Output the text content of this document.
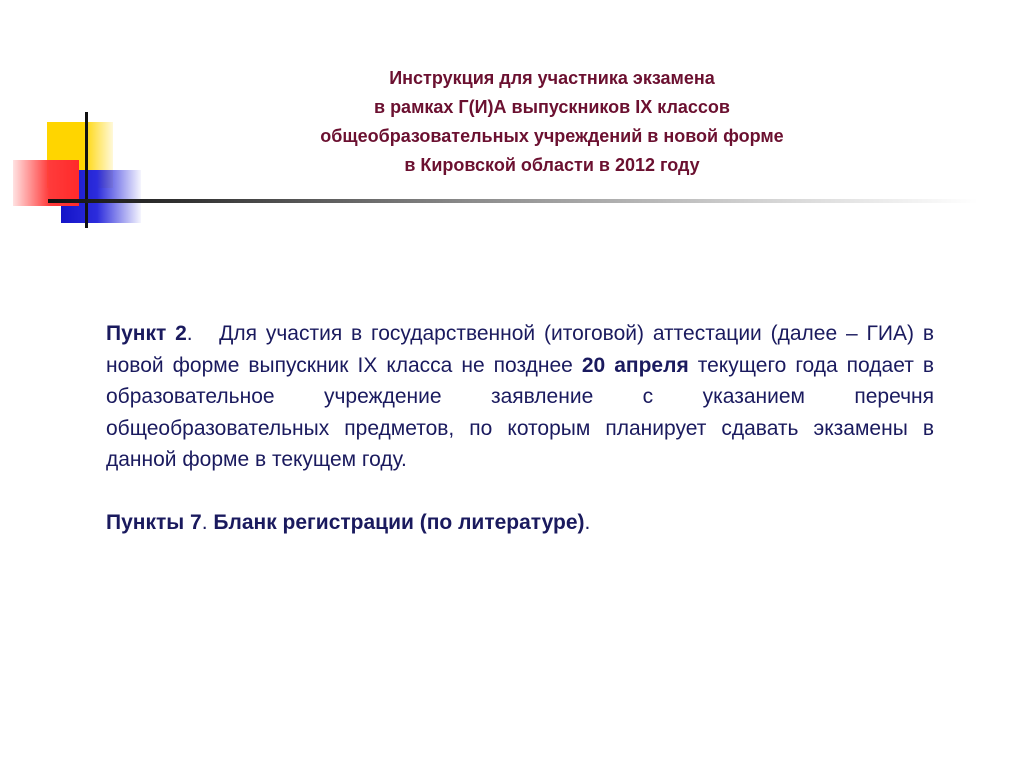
Инструкция для участника экзамена
в рамках Г(И)А выпускников IX классов
общеобразовательных учреждений в новой форме
в Кировской области в 2012 году

Пункт 2. Для участия в государственной (итоговой) аттестации (далее – ГИА) в новой форме выпускник IX класса не позднее 20 апреля текущего года подает в образовательное учреждение заявление с указанием перечня общеобразовательных предметов, по которым планирует сдавать экзамены в данной форме в текущем году.

Пункты 7. Бланк регистрации (по литературе).
